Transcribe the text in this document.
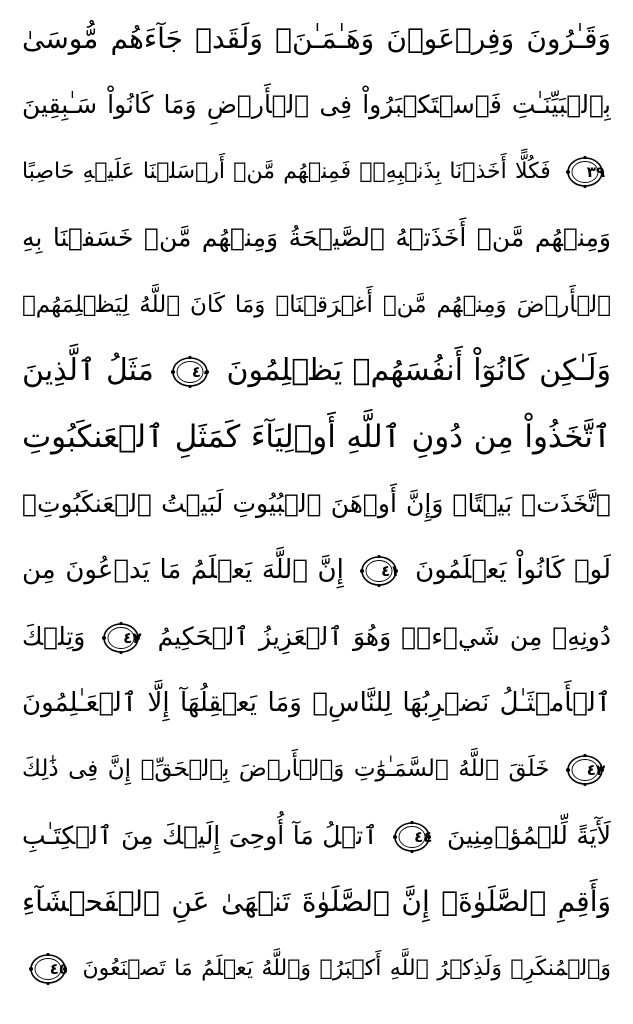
وَقَـٰرُونَ وَفِرۡعَوۡنَ وَهَـٰمَـٰنَۖ وَلَقَدۡ جَآءَهُم مُّوسَىٰ
بِٱلۡبَيِّنَـٰتِ فَٱسۡتَكۡبَرُواْ فِى ٱلۡأَرۡضِ وَمَا كَانُواْ سَـٰبِقِينَ
٣٩
فَكُلًّا أَخَذۡنَا بِذَنۢبِهِۦۖ فَمِنۡهُم مَّنۡ أَرۡسَلۡنَا عَلَيۡهِ حَاصِبًا
وَمِنۡهُم مَّنۡ أَخَذَتۡهُ ٱلصَّيۡحَةُ وَمِنۡهُم مَّنۡ خَسَفۡنَا بِهِ
ٱلۡأَرۡضَ وَمِنۡهُم مَّنۡ أَغۡرَقۡنَاۚ وَمَا كَانَ ٱللَّهُ لِيَظۡلِمَهُمۡ
وَلَـٰكِن كَانُوٓاْ أَنفُسَهُمۡ يَظۡلِمُونَ
٤٠
مَثَلُ ٱلَّذِينَ
ٱتَّخَذُواْ مِن دُونِ ٱللَّهِ أَوۡلِيَآءَ كَمَثَلِ ٱلۡعَنكَبُوتِ
ٱتَّخَذَتۡ بَيۡتًاۖ وَإِنَّ أَوۡهَنَ ٱلۡبُيُوتِ لَبَيۡتُ ٱلۡعَنكَبُوتِۖ
لَوۡ كَانُواْ يَعۡلَمُونَ
٤١
إِنَّ ٱللَّهَ يَعۡلَمُ مَا يَدۡعُونَ مِن
دُونِهِۦ مِن شَيۡءٖۚ وَهُوَ ٱلۡعَزِيزُ ٱلۡحَكِيمُ
٤٢
وَتِلۡكَ
ٱلۡأَمۡثَـٰلُ نَضۡرِبُهَا لِلنَّاسِۖ وَمَا يَعۡقِلُهَآ إِلَّا ٱلۡعَـٰلِمُونَ
٤٣
خَلَقَ ٱللَّهُ ٱلسَّمَـٰوَٰتِ وَٱلۡأَرۡضَ بِٱلۡحَقِّۚ إِنَّ فِى ذَٰلِكَ
لَأٓيَةً لِّلۡمُؤۡمِنِينَ
٤٤
ٱتۡلُ مَآ أُوحِىَ إِلَيۡكَ مِنَ ٱلۡكِتَـٰبِ
وَأَقِمِ ٱلصَّلَوٰةَۖ إِنَّ ٱلصَّلَوٰةَ تَنۡهَىٰ عَنِ ٱلۡفَحۡشَآءِ
وَٱلۡمُنكَرِۗ وَلَذِكۡرُ ٱللَّهِ أَكۡبَرُۗ وَٱللَّهُ يَعۡلَمُ مَا تَصۡنَعُونَ
٤٥
